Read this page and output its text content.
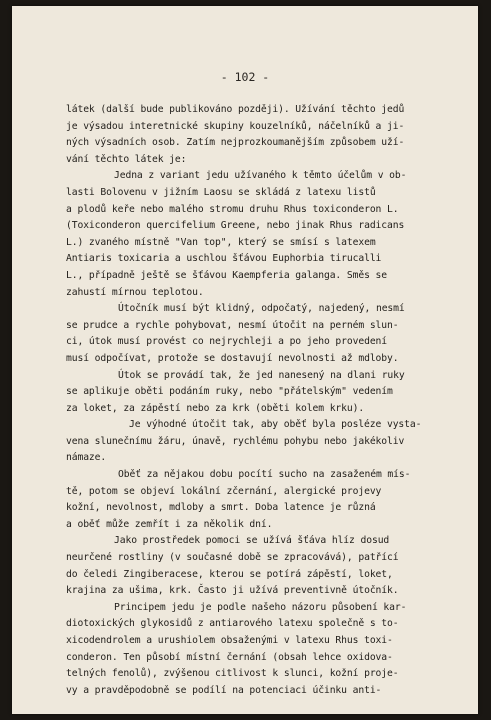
- 102 -
látek (další bude publikováno později). Užívání těchto jedů
je výsadou interetnické skupiny kouzelníků, náčelníků a ji-
ných výsadních osob. Zatím nejprozkoumanějším způsobem uží-
vání těchto látek je:
Jedna z variant jedu užívaného k těmto účelům v ob-
lasti Bolovenu v jižním Laosu se skládá z latexu listů
a plodů keře nebo malého stromu druhu Rhus toxiconderon L.
(Toxiconderon quercifelium Greene, nebo jinak Rhus radicans
L.) zvaného místně "Van top", který se smísí s latexem
Antiaris toxicaria a uschlou šťávou Euphorbia tirucalli
L., případně ještě se šťávou Kaempferia galanga. Směs se
zahustí mírnou teplotou.
Útočník musí být klidný, odpočatý, najedený, nesmí
se prudce a rychle pohybovat, nesmí útočit na perném slun-
ci, útok musí provést co nejrychleji a po jeho provedení
musí odpočívat, protože se dostavují nevolnosti až mdloby.
Útok se provádí tak, že jed nanesený na dlani ruky
se aplikuje oběti podáním ruky, nebo "přátelským" vedením
za loket, za zápěstí nebo za krk (oběti kolem krku).
Je výhodné útočit tak, aby oběť byla posléze vysta-
vena slunečnímu žáru, únavě, rychlému pohybu nebo jakékoliv
námaze.
Oběť za nějakou dobu pocítí sucho na zasaženém mís-
tě, potom se objeví lokální zčernání, alergické projevy
kožní, nevolnost, mdloby a smrt. Doba latence je různá
a oběť může zemřít i za několik dní.
Jako prostředek pomoci se užívá šťáva hlíz dosud
neurčené rostliny (v současné době se zpracovává), patřící
do čeledi Zingiberacese, kterou se potírá zápěstí, loket,
krajina za ušima, krk. Často ji užívá preventivně útočník.
Principem jedu je podle našeho názoru působení kar-
diotoxických glykosidů z antiarového latexu společně s to-
xicodendrolem a urushiolem obsaženými v latexu Rhus toxi-
conderon. Ten působí místní černání (obsah lehce oxidova-
telných fenolů), zvýšenou citlivost k slunci, kožní proje-
vy a pravděpodobně se podílí na potenciaci účinku anti-
